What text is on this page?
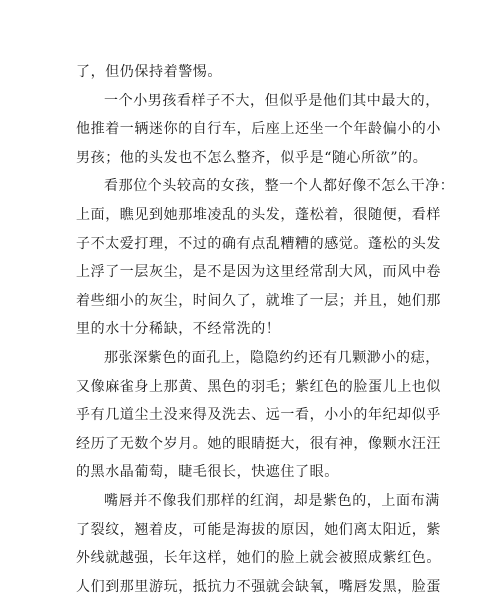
了，但仍保持着警惕。
一个小男孩看样子不大，但似乎是他们其中最大的，
他推着一辆迷你的自行车，后座上还坐一个年龄偏小的小
男孩；他的头发也不怎么整齐，似乎是“随心所欲”的。
看那位个头较高的女孩，整一个人都好像不怎么干净：
上面，瞧见到她那堆凌乱的头发，蓬松着，很随便，看样
子不太爱打理，不过的确有点乱糟糟的感觉。蓬松的头发
上浮了一层灰尘，是不是因为这里经常刮大风，而风中卷
着些细小的灰尘，时间久了，就堆了一层；并且，她们那
里的水十分稀缺，不经常洗的！
那张深紫色的面孔上，隐隐约约还有几颗渺小的痣，
又像麻雀身上那黄、黑色的羽毛；紫红色的脸蛋儿上也似
乎有几道尘土没来得及洗去、远一看，小小的年纪却似乎
经历了无数个岁月。她的眼睛挺大，很有神，像颗水汪汪
的黑水晶葡萄，睫毛很长，快遮住了眼。
嘴唇并不像我们那样的红润，却是紫色的，上面布满
了裂纹，翘着皮，可能是海拔的原因，她们离太阳近，紫
外线就越强，长年这样，她们的脸上就会被照成紫红色。
人们到那里游玩，抵抗力不强就会缺氧，嘴唇发黑，脸蛋
